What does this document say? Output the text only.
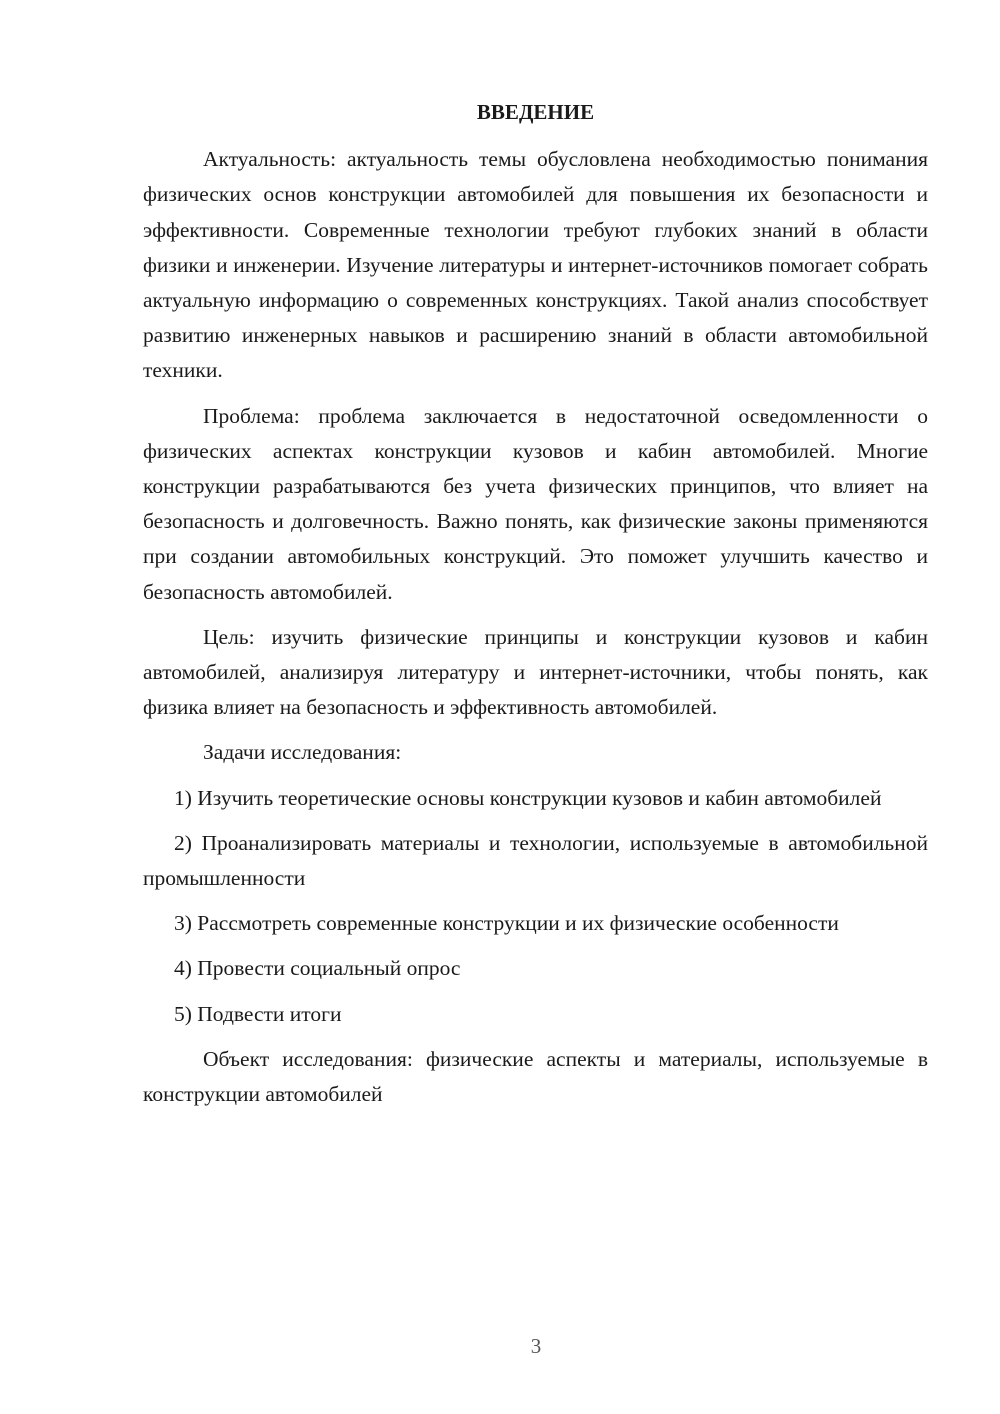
ВВЕДЕНИЕ

Актуальность: актуальность темы обусловлена необходимостью понимания физических основ конструкции автомобилей для повышения их безопасности и эффективности. Современные технологии требуют глубоких знаний в области физики и инженерии. Изучение литературы и интернет-источников помогает собрать актуальную информацию о современных конструкциях. Такой анализ способствует развитию инженерных навыков и расширению знаний в области автомобильной техники.

Проблема: проблема заключается в недостаточной осведомленности о физических аспектах конструкции кузовов и кабин автомобилей. Многие конструкции разрабатываются без учета физических принципов, что влияет на безопасность и долговечность. Важно понять, как физические законы применяются при создании автомобильных конструкций. Это поможет улучшить качество и безопасность автомобилей.

Цель: изучить физические принципы и конструкции кузовов и кабин автомобилей, анализируя литературу и интернет-источники, чтобы понять, как физика влияет на безопасность и эффективность автомобилей.

Задачи исследования:

1) Изучить теоретические основы конструкции кузовов и кабин автомобилей

2) Проанализировать материалы и технологии, используемые в автомобильной промышленности

3) Рассмотреть современные конструкции и их физические особенности

4) Провести социальный опрос

5) Подвести итоги

Объект исследования: физические аспекты и материалы, используемые в конструкции автомобилей

3
